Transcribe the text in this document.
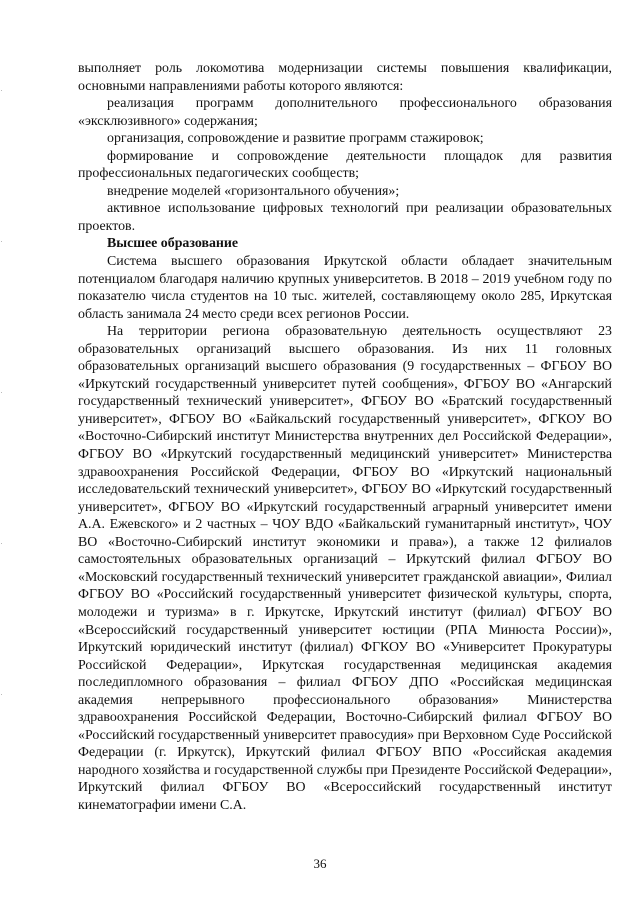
выполняет роль локомотива модернизации системы повышения квалификации, основными направлениями работы которого являются:

реализация программ дополнительного профессионального образования «эксклюзивного» содержания;

организация, сопровождение и развитие программ стажировок;

формирование и сопровождение деятельности площадок для развития профессиональных педагогических сообществ;

внедрение моделей «горизонтального обучения»;

активное использование цифровых технологий при реализации образовательных проектов.

Высшее образование

Система высшего образования Иркутской области обладает значительным потенциалом благодаря наличию крупных университетов. В 2018 – 2019 учебном году по показателю числа студентов на 10 тыс. жителей, составляющему около 285, Иркутская область занимала 24 место среди всех регионов России.

На территории региона образовательную деятельность осуществляют 23 образовательных организаций высшего образования. Из них 11 головных образовательных организаций высшего образования (9 государственных – ФГБОУ ВО «Иркутский государственный университет путей сообщения», ФГБОУ ВО «Ангарский государственный технический университет», ФГБОУ ВО «Братский государственный университет», ФГБОУ ВО «Байкальский государственный университет», ФГКОУ ВО «Восточно-Сибирский институт Министерства внутренних дел Российской Федерации», ФГБОУ ВО «Иркутский государственный медицинский университет» Министерства здравоохранения Российской Федерации, ФГБОУ ВО «Иркутский национальный исследовательский технический университет», ФГБОУ ВО «Иркутский государственный университет», ФГБОУ ВО «Иркутский государственный аграрный университет имени А.А. Ежевского» и 2 частных – ЧОУ ВДО «Байкальский гуманитарный институт», ЧОУ ВО «Восточно-Сибирский институт экономики и права»), а также 12 филиалов самостоятельных образовательных организаций – Иркутский филиал ФГБОУ ВО «Московский государственный технический университет гражданской авиации», Филиал ФГБОУ ВО «Российский государственный университет физической культуры, спорта, молодежи и туризма» в г. Иркутске, Иркутский институт (филиал) ФГБОУ ВО «Всероссийский государственный университет юстиции (РПА Минюста России)», Иркутский юридический институт (филиал) ФГКОУ ВО «Университет Прокуратуры Российской Федерации», Иркутская государственная медицинская академия последипломного образования – филиал ФГБОУ ДПО «Российская медицинская академия непрерывного профессионального образования» Министерства здравоохранения Российской Федерации, Восточно-Сибирский филиал ФГБОУ ВО «Российский государственный университет правосудия» при Верховном Суде Российской Федерации (г. Иркутск), Иркутский филиал ФГБОУ ВПО «Российская академия народного хозяйства и государственной службы при Президенте Российской Федерации», Иркутский филиал ФГБОУ ВО «Всероссийский государственный институт кинематографии имени С.А.

36
